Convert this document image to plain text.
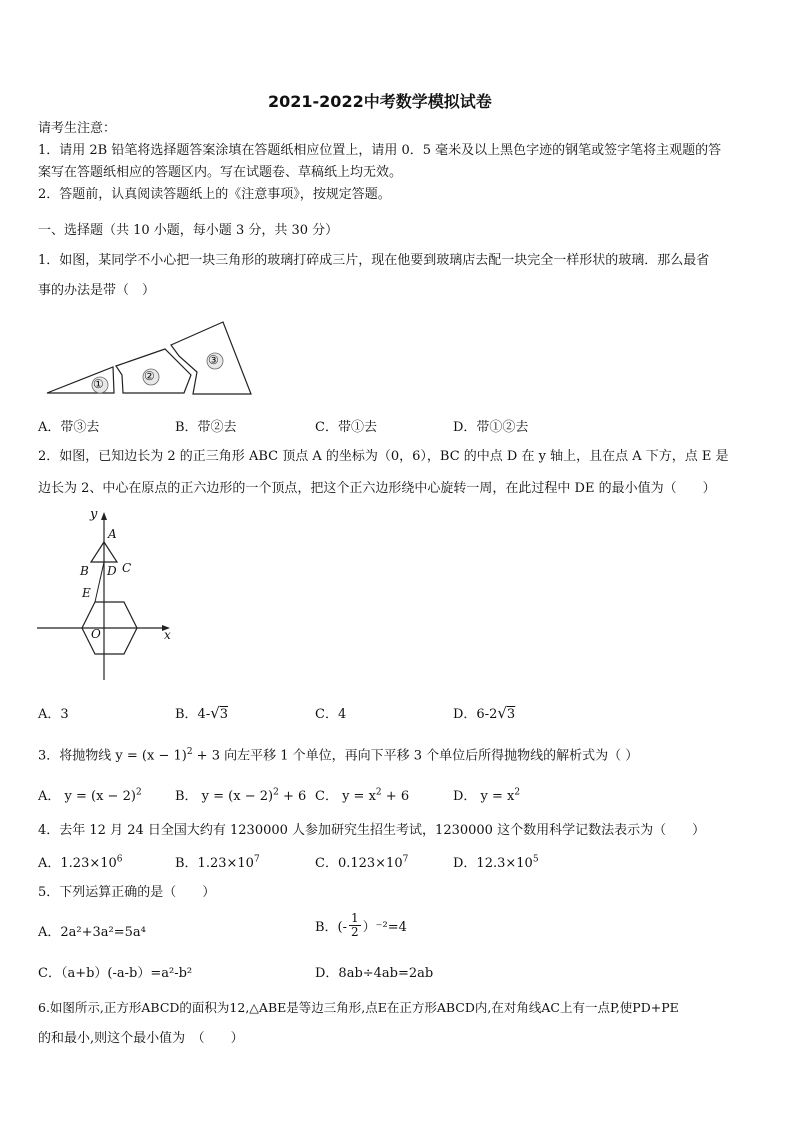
2021-2022中考数学模拟试卷
请考生注意：
1．请用 2B 铅笔将选择题答案涂填在答题纸相应位置上，请用 0．5 毫米及以上黑色字迹的钢笔或签字笔将主观题的答
案写在答题纸相应的答题区内。写在试题卷、草稿纸上均无效。
2．答题前，认真阅读答题纸上的《注意事项》，按规定答题。
一、选择题（共 10 小题，每小题 3 分，共 30 分）
1．如图，某同学不小心把一块三角形的玻璃打碎成三片，现在他要到玻璃店去配一块完全一样形状的玻璃．那么最省
事的办法是带（　）
①
②
③
A．带③去	B．带②去	C．带①去	D．带①②去
2．如图，已知边长为 2 的正三角形 ABC 顶点 A 的坐标为（0，6），BC 的中点 D 在 y 轴上，且在点 A 下方，点 E 是
边长为 2、中心在原点的正六边形的一个顶点，把这个正六边形绕中心旋转一周，在此过程中 DE 的最小值为（　　）
y
A
B D C
E
O	x
A．3	B．4-√3	C．4	D．6-2√3
3．将抛物线 $y = (x - 1)^2 + 3$ 向左平移 1 个单位，再向下平移 3 个单位后所得抛物线的解析式为（ ）
A． $y = (x - 2)^2$	B． $y = (x - 2)^2 + 6$ C． $y = x^2 + 6$	D． $y = x^2$
4．去年 12 月 24 日全国大约有 1230000 人参加研究生招生考试，1230000 这个数用科学记数法表示为（　　）
A．$1.23\times 10^6$	B．$1.23\times 10^7$	C．$0.123\times 10^7$	D．$12.3\times 10^5$
5．下列运算正确的是（　　）
A．2a²+3a²=5a⁴	B．(-
1
2 ）⁻²=4
C．（a+b）(-a-b）=a²-b²	D．8ab÷4ab=2ab
6.如图所示,正方形ABCD的面积为12,△ABE是等边三角形,点E在正方形ABCD内,在对角线AC上有一点P,使PD+PE
的和最小,则这个最小值为　（　　）
